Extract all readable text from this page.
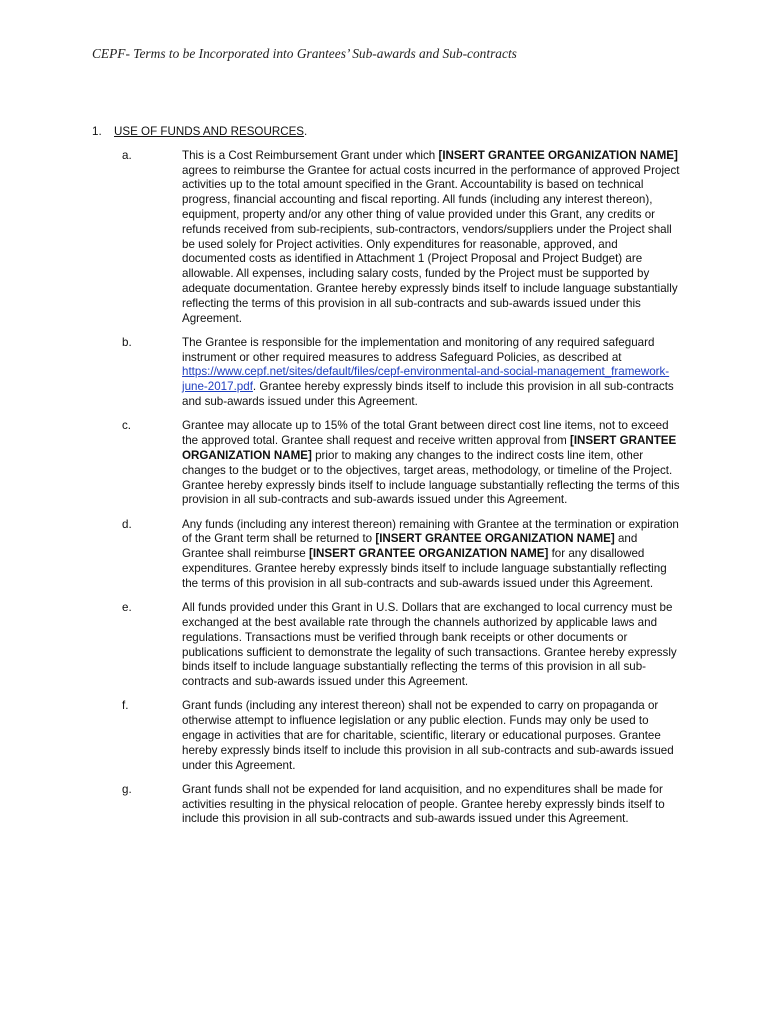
CEPF- Terms to be Incorporated into Grantees’ Sub-awards and Sub-contracts
1.	USE OF FUNDS AND RESOURCES.
a.	This is a Cost Reimbursement Grant under which [INSERT GRANTEE ORGANIZATION NAME] agrees to reimburse the Grantee for actual costs incurred in the performance of approved Project activities up to the total amount specified in the Grant. Accountability is based on technical progress, financial accounting and fiscal reporting. All funds (including any interest thereon), equipment, property and/or any other thing of value provided under this Grant, any credits or refunds received from sub-recipients, sub-contractors, vendors/suppliers under the Project shall be used solely for Project activities. Only expenditures for reasonable, approved, and documented costs as identified in Attachment 1 (Project Proposal and Project Budget) are allowable. All expenses, including salary costs, funded by the Project must be supported by adequate documentation. Grantee hereby expressly binds itself to include language substantially reflecting the terms of this provision in all sub-contracts and sub-awards issued under this Agreement.
b.	The Grantee is responsible for the implementation and monitoring of any required safeguard instrument or other required measures to address Safeguard Policies, as described at https://www.cepf.net/sites/default/files/cepf-environmental-and-social-management_framework-june-2017.pdf. Grantee hereby expressly binds itself to include this provision in all sub-contracts and sub-awards issued under this Agreement.
c.	Grantee may allocate up to 15% of the total Grant between direct cost line items, not to exceed the approved total. Grantee shall request and receive written approval from [INSERT GRANTEE ORGANIZATION NAME] prior to making any changes to the indirect costs line item, other changes to the budget or to the objectives, target areas, methodology, or timeline of the Project. Grantee hereby expressly binds itself to include language substantially reflecting the terms of this provision in all sub-contracts and sub-awards issued under this Agreement.
d.	Any funds (including any interest thereon) remaining with Grantee at the termination or expiration of the Grant term shall be returned to [INSERT GRANTEE ORGANIZATION NAME] and Grantee shall reimburse [INSERT GRANTEE ORGANIZATION NAME] for any disallowed expenditures. Grantee hereby expressly binds itself to include language substantially reflecting the terms of this provision in all sub-contracts and sub-awards issued under this Agreement.
e.	All funds provided under this Grant in U.S. Dollars that are exchanged to local currency must be exchanged at the best available rate through the channels authorized by applicable laws and regulations. Transactions must be verified through bank receipts or other documents or publications sufficient to demonstrate the legality of such transactions. Grantee hereby expressly binds itself to include language substantially reflecting the terms of this provision in all sub-contracts and sub-awards issued under this Agreement.
f.	Grant funds (including any interest thereon) shall not be expended to carry on propaganda or otherwise attempt to influence legislation or any public election. Funds may only be used to engage in activities that are for charitable, scientific, literary or educational purposes. Grantee hereby expressly binds itself to include this provision in all sub-contracts and sub-awards issued under this Agreement.
g.	Grant funds shall not be expended for land acquisition, and no expenditures shall be made for activities resulting in the physical relocation of people. Grantee hereby expressly binds itself to include this provision in all sub-contracts and sub-awards issued under this Agreement.
